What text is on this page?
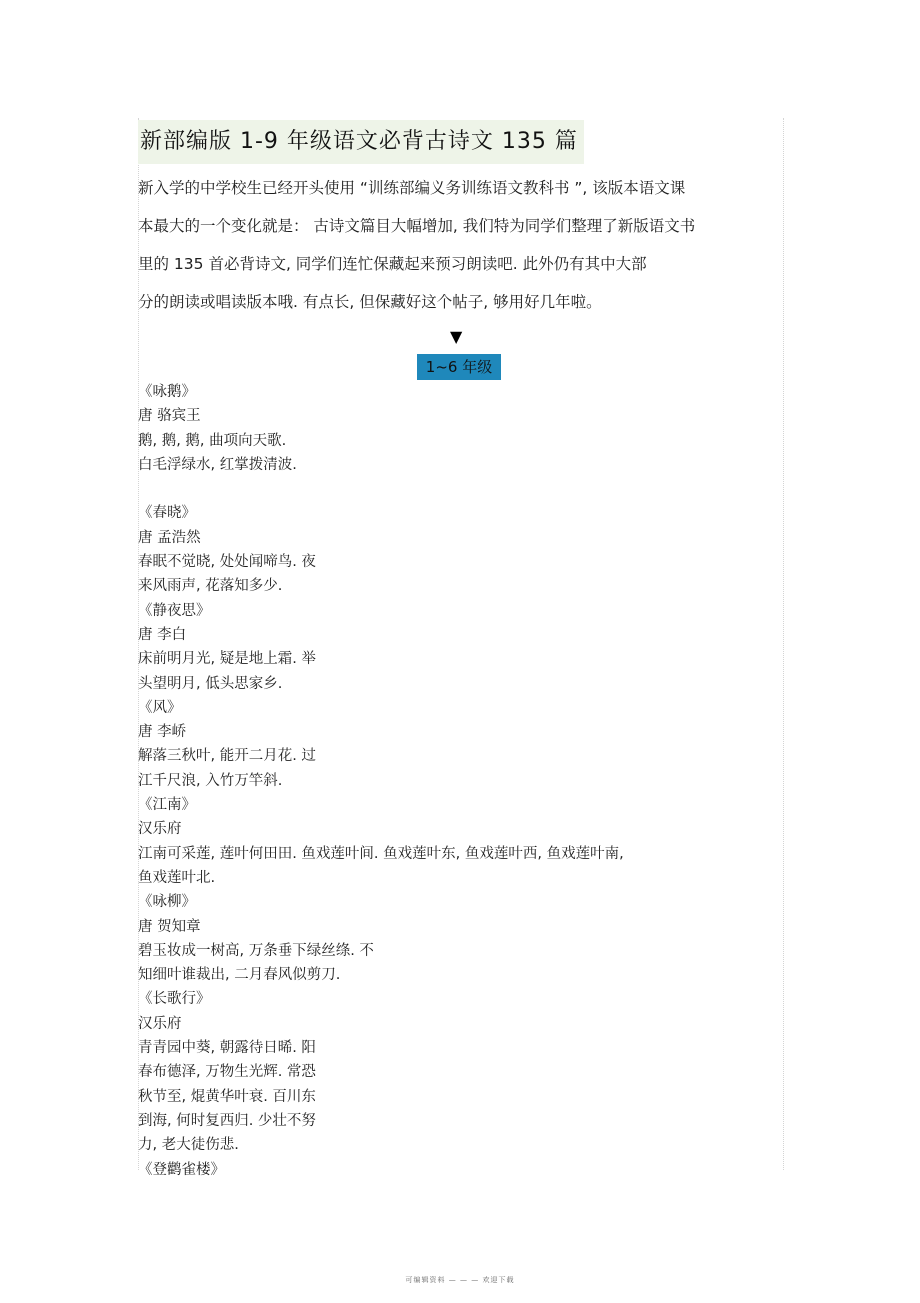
新部编版 1-9 年级语文必背古诗文 135 篇
新入学的中学校生已经开头使用 “训练部编义务训练语文教科书 ”, 该版本语文课
本最大的一个变化就是： 古诗文篇目大幅增加, 我们特为同学们整理了新版语文书
里的 135 首必背诗文, 同学们连忙保藏起来预习朗读吧. 此外仍有其中大部
分的朗读或唱读版本哦. 有点长, 但保藏好这个帖子, 够用好几年啦。
▼
1~6 年级
《咏鹅》
唐 骆宾王
鹅, 鹅, 鹅, 曲项向天歌.
白毛浮绿水, 红掌拨清波.
《春晓》
唐 孟浩然
春眠不觉晓, 处处闻啼鸟. 夜
来风雨声, 花落知多少.
《静夜思》
唐 李白
床前明月光, 疑是地上霜. 举
头望明月, 低头思家乡.
《风》
唐 李峤
解落三秋叶, 能开二月花. 过
江千尺浪, 入竹万竿斜.
《江南》
汉乐府
江南可采莲, 莲叶何田田. 鱼戏莲叶间. 鱼戏莲叶东, 鱼戏莲叶西, 鱼戏莲叶南,
鱼戏莲叶北.
《咏柳》
唐 贺知章
碧玉妆成一树高, 万条垂下绿丝绦. 不
知细叶谁裁出, 二月春风似剪刀.
《长歌行》
汉乐府
青青园中葵, 朝露待日晞. 阳
春布德泽, 万物生光辉. 常恐
秋节至, 焜黄华叶衰. 百川东
到海, 何时复西归. 少壮不努
力, 老大徒伤悲.
《登鹳雀楼》
可编辑资料 — — — 欢迎下载
